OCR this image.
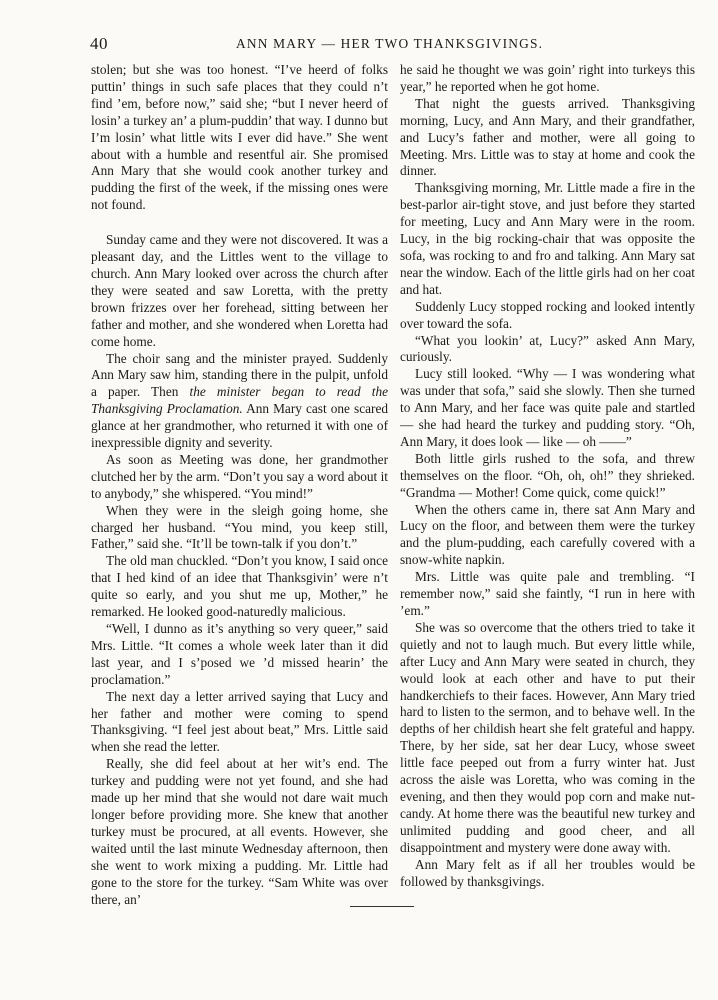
40	ANN MARY — HER TWO THANKSGIVINGS.

stolen; but she was too honest. “I’ve heerd of folks puttin’ things in such safe places that they could n’t find ’em, before now,” said she; “but I never heerd of losin’ a turkey an’ a plum-puddin’ that way. I dunno but I’m losin’ what little wits I ever did have.” She went about with a humble and resentful air. She promised Ann Mary that she would cook another turkey and pudding the first of the week, if the missing ones were not found.

Sunday came and they were not discovered. It was a pleasant day, and the Littles went to the village to church. Ann Mary looked over across the church after they were seated and saw Loretta, with the pretty brown frizzes over her forehead, sitting between her father and mother, and she wondered when Loretta had come home.

The choir sang and the minister prayed. Suddenly Ann Mary saw him, standing there in the pulpit, unfold a paper. Then the minister began to read the Thanksgiving Proclamation. Ann Mary cast one scared glance at her grandmother, who returned it with one of inexpressible dignity and severity.

As soon as Meeting was done, her grandmother clutched her by the arm. “Don’t you say a word about it to anybody,” she whispered. “You mind!”

When they were in the sleigh going home, she charged her husband. “You mind, you keep still, Father,” said she. “It’ll be town-talk if you don’t.”

The old man chuckled. “Don’t you know, I said once that I hed kind of an idee that Thanksgivin’ were n’t quite so early, and you shut me up, Mother,” he remarked. He looked good-naturedly malicious.

“Well, I dunno as it’s anything so very queer,” said Mrs. Little. “It comes a whole week later than it did last year, and I s’posed we ’d missed hearin’ the proclamation.”

The next day a letter arrived saying that Lucy and her father and mother were coming to spend Thanksgiving. “I feel jest about beat,” Mrs. Little said when she read the letter.

Really, she did feel about at her wit’s end. The turkey and pudding were not yet found, and she had made up her mind that she would not dare wait much longer before providing more. She knew that another turkey must be procured, at all events. However, she waited until the last minute Wednesday afternoon, then she went to work mixing a pudding. Mr. Little had gone to the store for the turkey. “Sam White was over there, an’

he said he thought we was goin’ right into turkeys this year,” he reported when he got home.

That night the guests arrived. Thanksgiving morning, Lucy, and Ann Mary, and their grandfather, and Lucy’s father and mother, were all going to Meeting. Mrs. Little was to stay at home and cook the dinner.

Thanksgiving morning, Mr. Little made a fire in the best-parlor air-tight stove, and just before they started for meeting, Lucy and Ann Mary were in the room. Lucy, in the big rocking-chair that was opposite the sofa, was rocking to and fro and talking. Ann Mary sat near the window. Each of the little girls had on her coat and hat.

Suddenly Lucy stopped rocking and looked intently over toward the sofa.

“What you lookin’ at, Lucy?” asked Ann Mary, curiously.

Lucy still looked. “Why — I was wondering what was under that sofa,” said she slowly. Then she turned to Ann Mary, and her face was quite pale and startled — she had heard the turkey and pudding story. “Oh, Ann Mary, it does look — like — oh ——”

Both little girls rushed to the sofa, and threw themselves on the floor. “Oh, oh, oh!” they shrieked. “Grandma — Mother! Come quick, come quick!”

When the others came in, there sat Ann Mary and Lucy on the floor, and between them were the turkey and the plum-pudding, each carefully covered with a snow-white napkin.

Mrs. Little was quite pale and trembling. “I remember now,” said she faintly, “I run in here with ’em.”

She was so overcome that the others tried to take it quietly and not to laugh much. But every little while, after Lucy and Ann Mary were seated in church, they would look at each other and have to put their handkerchiefs to their faces. However, Ann Mary tried hard to listen to the sermon, and to behave well. In the depths of her childish heart she felt grateful and happy. There, by her side, sat her dear Lucy, whose sweet little face peeped out from a furry winter hat. Just across the aisle was Loretta, who was coming in the evening, and then they would pop corn and make nut-candy. At home there was the beautiful new turkey and unlimited pudding and good cheer, and all disappointment and mystery were done away with.

Ann Mary felt as if all her troubles would be followed by thanksgivings.
